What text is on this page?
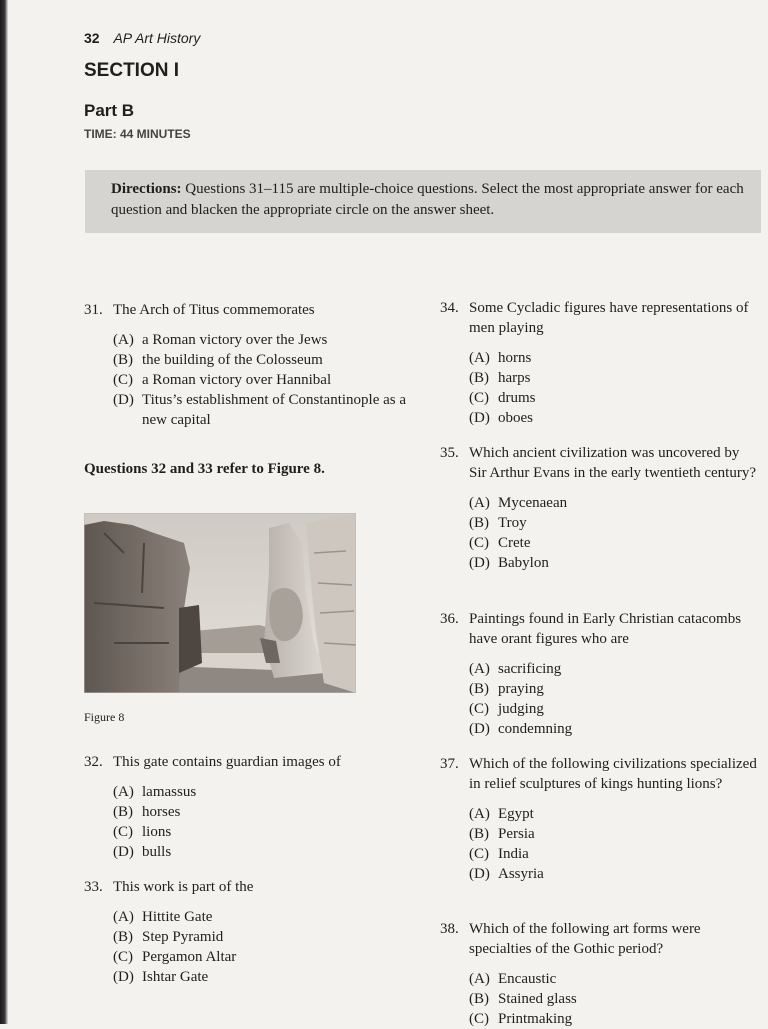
32 AP Art History
SECTION I
Part B
TIME: 44 MINUTES
Directions: Questions 31–115 are multiple-choice questions. Select the most appropriate answer for each question and blacken the appropriate circle on the answer sheet.
31. The Arch of Titus commemorates
(A) a Roman victory over the Jews
(B) the building of the Colosseum
(C) a Roman victory over Hannibal
(D) Titus’s establishment of Constantinople as a new capital
Questions 32 and 33 refer to Figure 8.
Figure 8
32. This gate contains guardian images of
(A) lamassus
(B) horses
(C) lions
(D) bulls
33. This work is part of the
(A) Hittite Gate
(B) Step Pyramid
(C) Pergamon Altar
(D) Ishtar Gate
34. Some Cycladic figures have representations of men playing
(A) horns
(B) harps
(C) drums
(D) oboes
35. Which ancient civilization was uncovered by Sir Arthur Evans in the early twentieth century?
(A) Mycenaean
(B) Troy
(C) Crete
(D) Babylon
36. Paintings found in Early Christian catacombs have orant figures who are
(A) sacrificing
(B) praying
(C) judging
(D) condemning
37. Which of the following civilizations specialized in relief sculptures of kings hunting lions?
(A) Egypt
(B) Persia
(C) India
(D) Assyria
38. Which of the following art forms were specialties of the Gothic period?
(A) Encaustic
(B) Stained glass
(C) Printmaking
